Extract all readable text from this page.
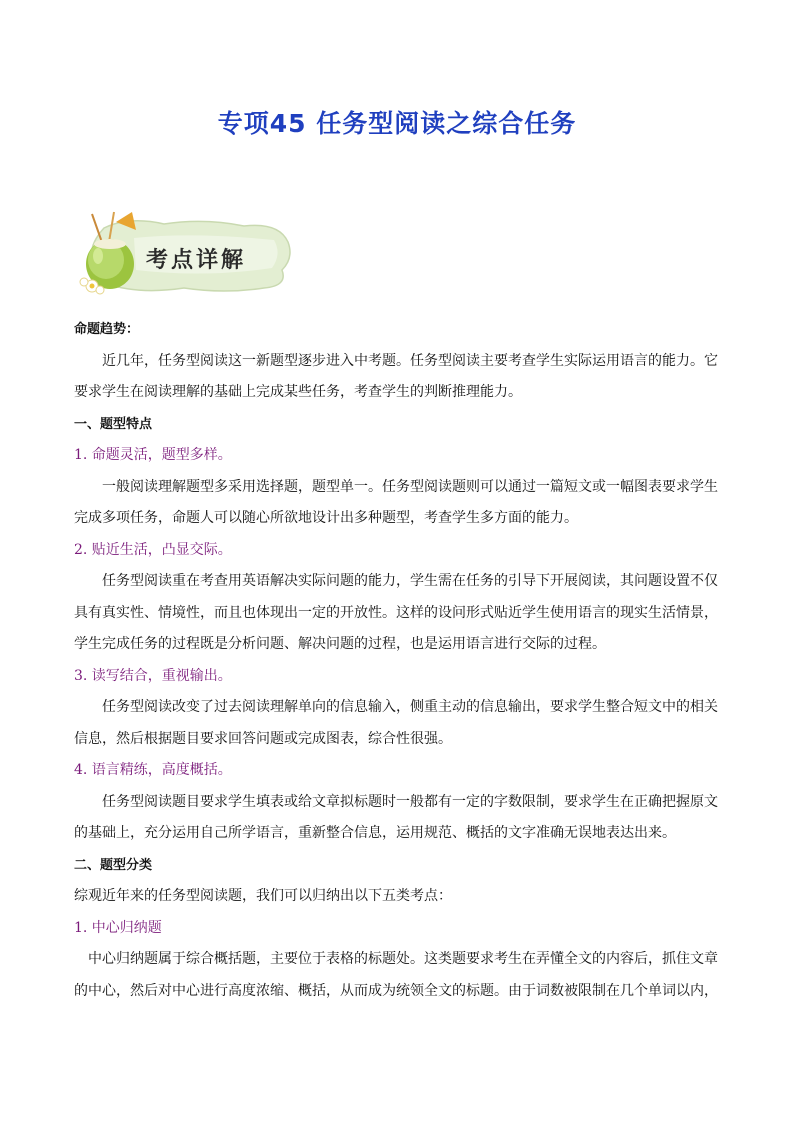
专项45 任务型阅读之综合任务
考点详解
命题趋势：
近几年，任务型阅读这一新题型逐步进入中考题。任务型阅读主要考查学生实际运用语言的能力。它
要求学生在阅读理解的基础上完成某些任务，考查学生的判断推理能力。
一、题型特点
1. 命题灵活，题型多样。
一般阅读理解题型多采用选择题，题型单一。任务型阅读题则可以通过一篇短文或一幅图表要求学生
完成多项任务，命题人可以随心所欲地设计出多种题型，考查学生多方面的能力。
2. 贴近生活，凸显交际。
任务型阅读重在考查用英语解决实际问题的能力，学生需在任务的引导下开展阅读，其问题设置不仅
具有真实性、情境性，而且也体现出一定的开放性。这样的设问形式贴近学生使用语言的现实生活情景，
学生完成任务的过程既是分析问题、解决问题的过程，也是运用语言进行交际的过程。
3. 读写结合，重视输出。
任务型阅读改变了过去阅读理解单向的信息输入，侧重主动的信息输出，要求学生整合短文中的相关
信息，然后根据题目要求回答问题或完成图表，综合性很强。
4. 语言精练，高度概括。
任务型阅读题目要求学生填表或给文章拟标题时一般都有一定的字数限制，要求学生在正确把握原文
的基础上，充分运用自己所学语言，重新整合信息，运用规范、概括的文字准确无误地表达出来。
二、题型分类
综观近年来的任务型阅读题，我们可以归纳出以下五类考点：
1. 中心归纳题
中心归纳题属于综合概括题，主要位于表格的标题处。这类题要求考生在弄懂全文的内容后，抓住文章
的中心，然后对中心进行高度浓缩、概括，从而成为统领全文的标题。由于词数被限制在几个单词以内，
